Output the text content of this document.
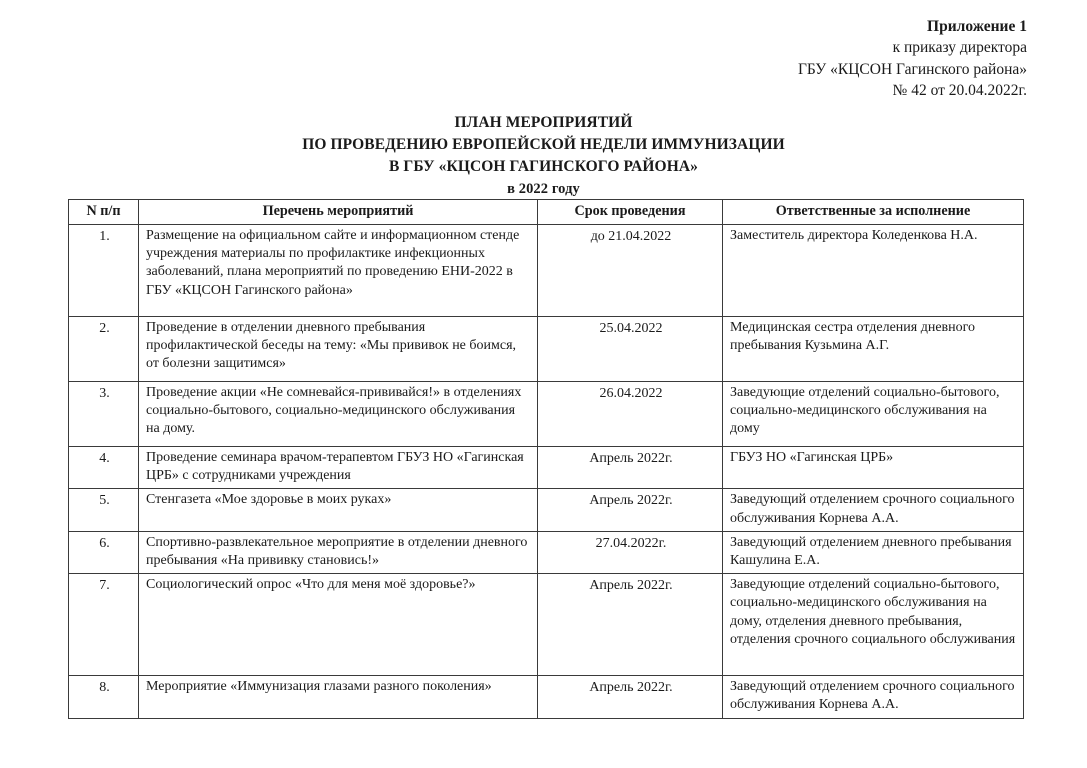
Приложение 1
к приказу директора
ГБУ «КЦСОН Гагинского района»
№ 42 от 20.04.2022г.
ПЛАН МЕРОПРИЯТИЙ
ПО ПРОВЕДЕНИЮ ЕВРОПЕЙСКОЙ НЕДЕЛИ ИММУНИЗАЦИИ
В ГБУ «КЦСОН ГАГИНСКОГО РАЙОНА»
в 2022 году
N п/п	Перечень мероприятий	Срок проведения	Ответственные за исполнение
1.	Размещение на официальном сайте и информационном стенде учреждения материалы по профилактике инфекционных заболеваний, плана мероприятий по проведению ЕНИ-2022 в ГБУ «КЦСОН Гагинского района»	до 21.04.2022	Заместитель директора Коледенкова Н.А.
2.	Проведение в отделении дневного пребывания профилактической беседы на тему: «Мы прививок не боимся, от болезни защитимся»	25.04.2022	Медицинская сестра отделения дневного пребывания Кузьмина А.Г.
3.	Проведение акции «Не сомневайся-прививайся!» в отделениях социально-бытового, социально-медицинского обслуживания на дому.	26.04.2022	Заведующие отделений социально-бытового, социально-медицинского обслуживания на дому
4.	Проведение семинара врачом-терапевтом ГБУЗ НО «Гагинская ЦРБ» с сотрудниками учреждения	Апрель 2022г.	ГБУЗ НО «Гагинская ЦРБ»
5.	Стенгазета «Мое здоровье в моих руках»	Апрель 2022г.	Заведующий отделением срочного социального обслуживания Корнева А.А.
6.	Спортивно-развлекательное мероприятие в отделении дневного пребывания «На прививку становись!»	27.04.2022г.	Заведующий отделением дневного пребывания Кашулина Е.А.
7.	Социологический опрос «Что для меня моё здоровье?»	Апрель 2022г.	Заведующие отделений социально-бытового, социально-медицинского обслуживания на дому, отделения дневного пребывания, отделения срочного социального обслуживания
8.	Мероприятие «Иммунизация глазами разного поколения»	Апрель 2022г.	Заведующий отделением срочного социального обслуживания Корнева А.А.
